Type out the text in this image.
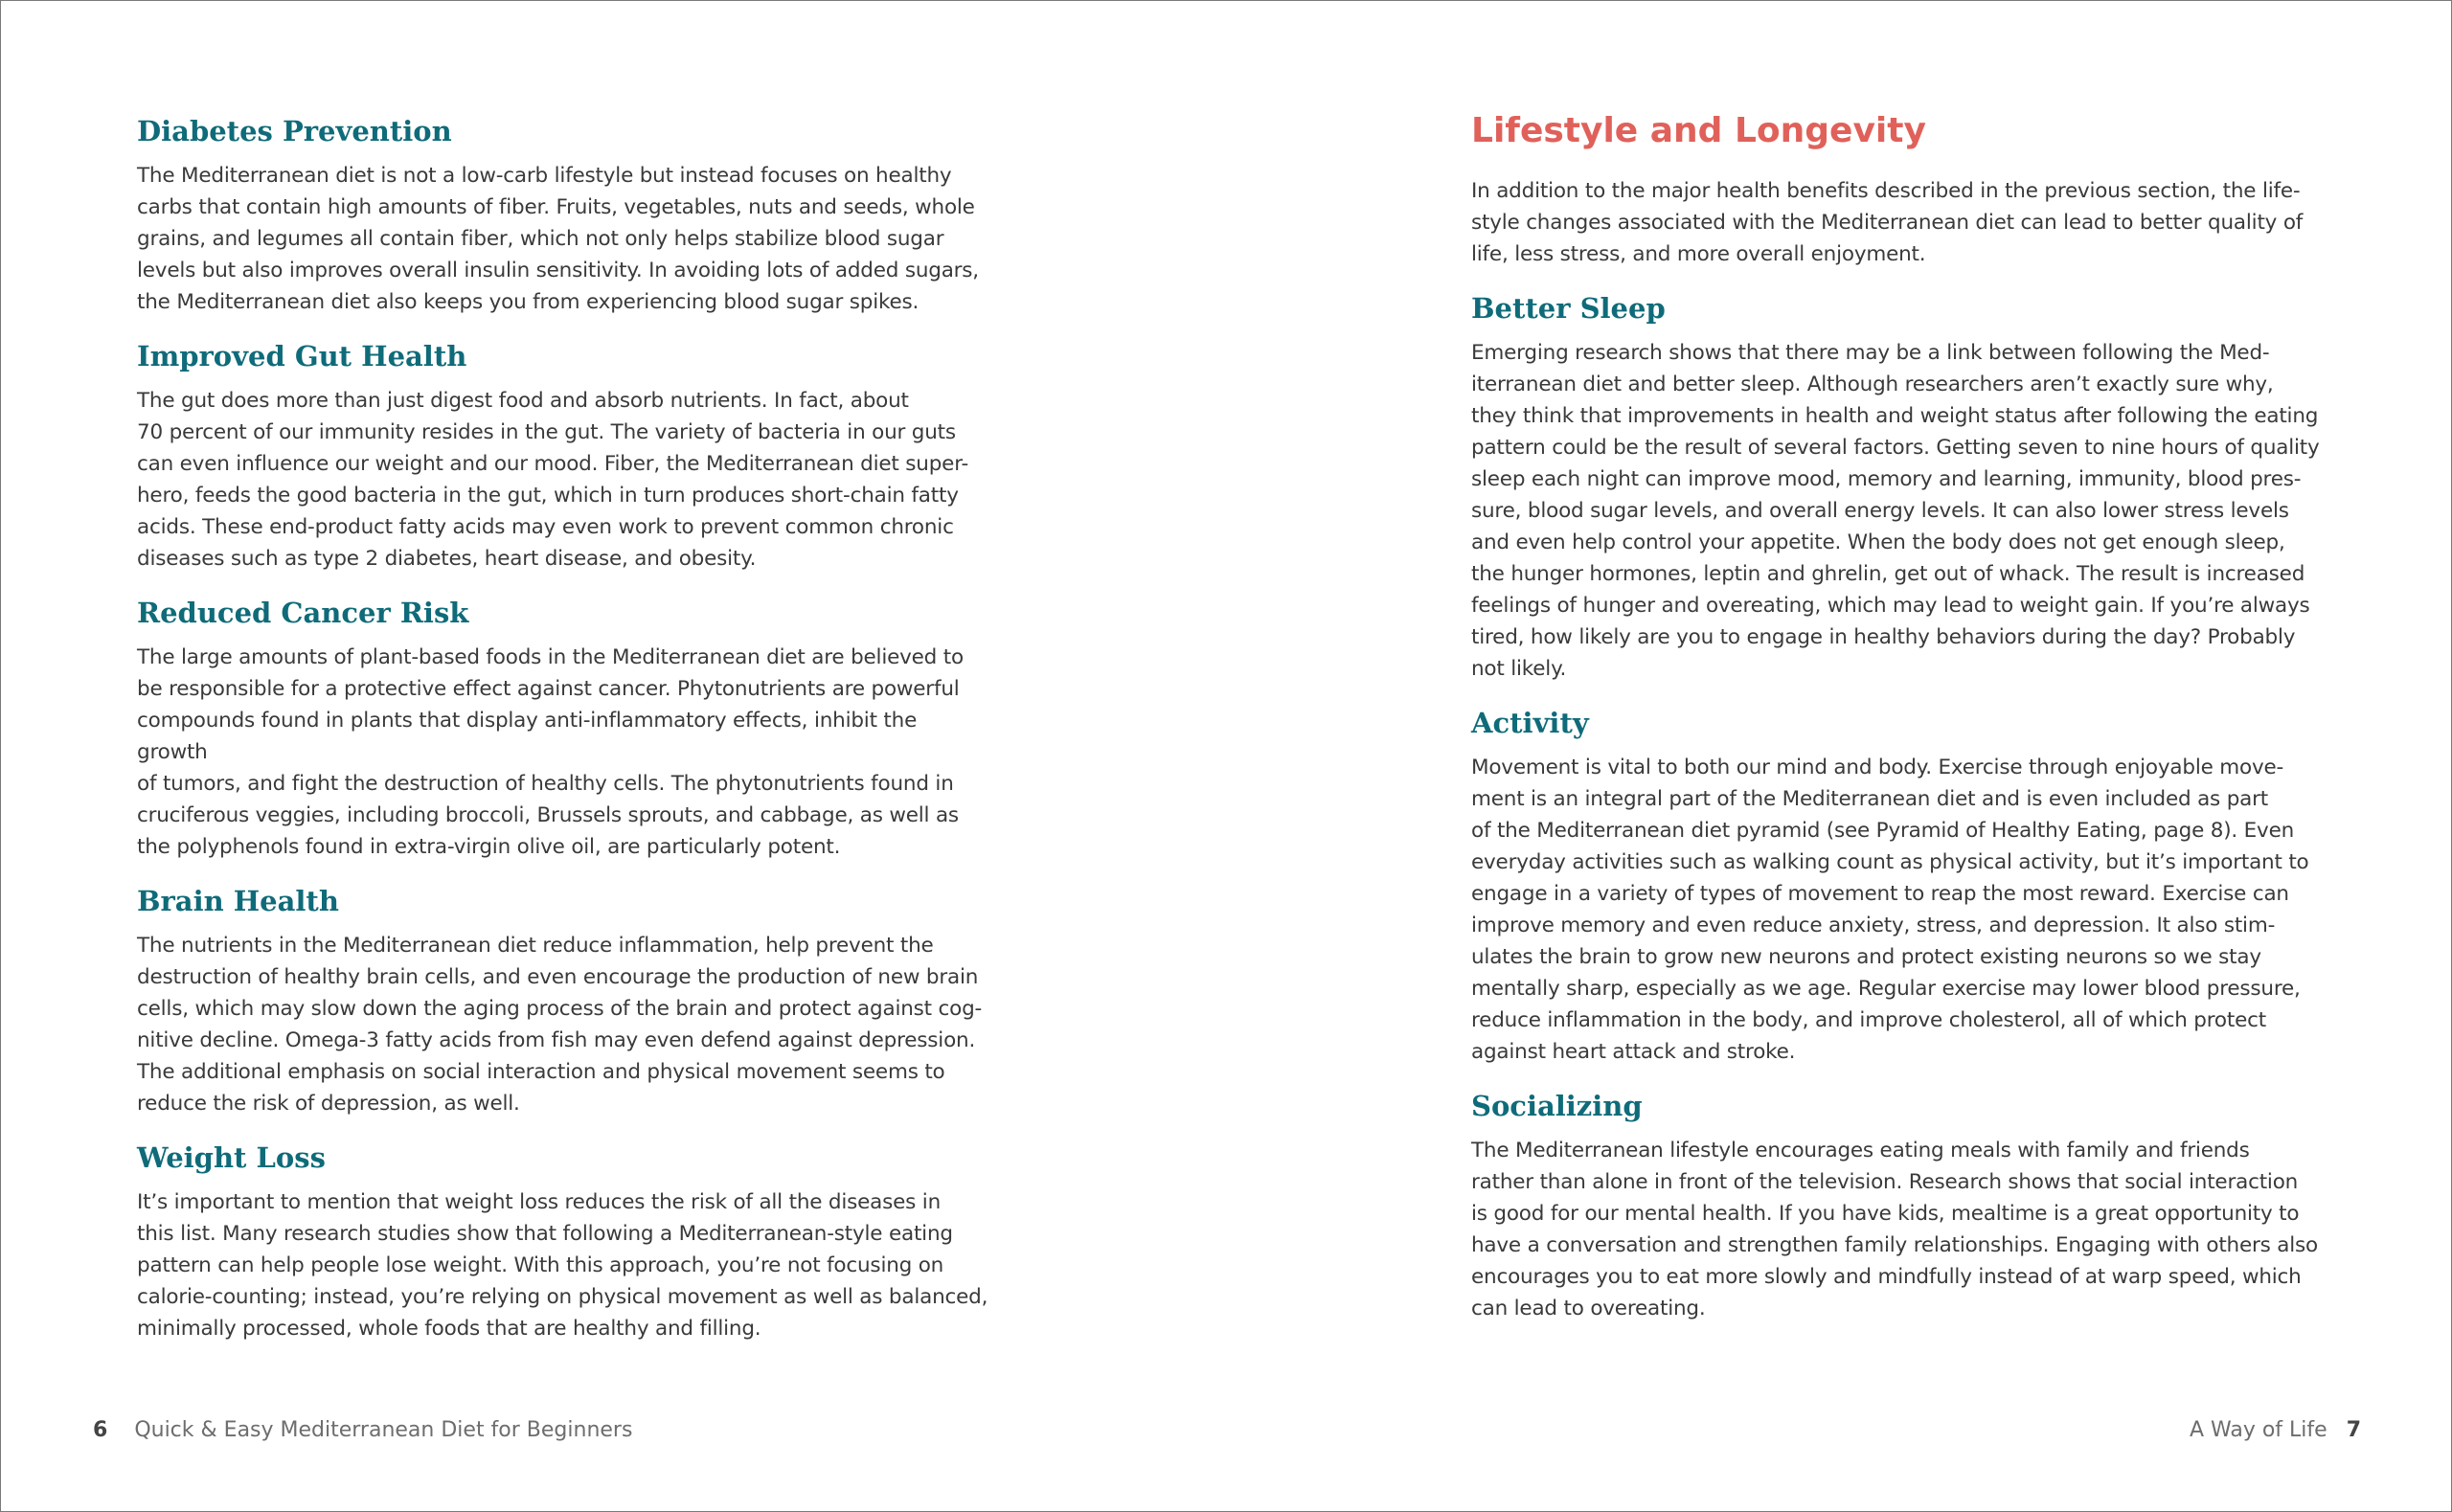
Diabetes Prevention

The Mediterranean diet is not a low-carb lifestyle but instead focuses on healthy
carbs that contain high amounts of fiber. Fruits, vegetables, nuts and seeds, whole
grains, and legumes all contain fiber, which not only helps stabilize blood sugar
levels but also improves overall insulin sensitivity. In avoiding lots of added sugars,
the Mediterranean diet also keeps you from experiencing blood sugar spikes.

Improved Gut Health

The gut does more than just digest food and absorb nutrients. In fact, about
70 percent of our immunity resides in the gut. The variety of bacteria in our guts
can even influence our weight and our mood. Fiber, the Mediterranean diet super-
hero, feeds the good bacteria in the gut, which in turn produces short-chain fatty
acids. These end-product fatty acids may even work to prevent common chronic
diseases such as type 2 diabetes, heart disease, and obesity.

Reduced Cancer Risk

The large amounts of plant-based foods in the Mediterranean diet are believed to
be responsible for a protective effect against cancer. Phytonutrients are powerful
compounds found in plants that display anti-inflammatory effects, inhibit the growth
of tumors, and fight the destruction of healthy cells. The phytonutrients found in
cruciferous veggies, including broccoli, Brussels sprouts, and cabbage, as well as
the polyphenols found in extra-virgin olive oil, are particularly potent.

Brain Health

The nutrients in the Mediterranean diet reduce inflammation, help prevent the
destruction of healthy brain cells, and even encourage the production of new brain
cells, which may slow down the aging process of the brain and protect against cog-
nitive decline. Omega-3 fatty acids from fish may even defend against depression.
The additional emphasis on social interaction and physical movement seems to
reduce the risk of depression, as well.

Weight Loss

It’s important to mention that weight loss reduces the risk of all the diseases in
this list. Many research studies show that following a Mediterranean-style eating
pattern can help people lose weight. With this approach, you’re not focusing on
calorie-counting; instead, you’re relying on physical movement as well as balanced,
minimally processed, whole foods that are healthy and filling.

Lifestyle and Longevity

In addition to the major health benefits described in the previous section, the life-
style changes associated with the Mediterranean diet can lead to better quality of
life, less stress, and more overall enjoyment.

Better Sleep

Emerging research shows that there may be a link between following the Med-
iterranean diet and better sleep. Although researchers aren’t exactly sure why,
they think that improvements in health and weight status after following the eating
pattern could be the result of several factors. Getting seven to nine hours of quality
sleep each night can improve mood, memory and learning, immunity, blood pres-
sure, blood sugar levels, and overall energy levels. It can also lower stress levels
and even help control your appetite. When the body does not get enough sleep,
the hunger hormones, leptin and ghrelin, get out of whack. The result is increased
feelings of hunger and overeating, which may lead to weight gain. If you’re always
tired, how likely are you to engage in healthy behaviors during the day? Probably
not likely.

Activity

Movement is vital to both our mind and body. Exercise through enjoyable move-
ment is an integral part of the Mediterranean diet and is even included as part
of the Mediterranean diet pyramid (see Pyramid of Healthy Eating, page 8). Even
everyday activities such as walking count as physical activity, but it’s important to
engage in a variety of types of movement to reap the most reward. Exercise can
improve memory and even reduce anxiety, stress, and depression. It also stim-
ulates the brain to grow new neurons and protect existing neurons so we stay
mentally sharp, especially as we age. Regular exercise may lower blood pressure,
reduce inflammation in the body, and improve cholesterol, all of which protect
against heart attack and stroke.

Socializing

The Mediterranean lifestyle encourages eating meals with family and friends
rather than alone in front of the television. Research shows that social interaction
is good for our mental health. If you have kids, mealtime is a great opportunity to
have a conversation and strengthen family relationships. Engaging with others also
encourages you to eat more slowly and mindfully instead of at warp speed, which
can lead to overeating.

6 Quick & Easy Mediterranean Diet for Beginners	A Way of Life 7
